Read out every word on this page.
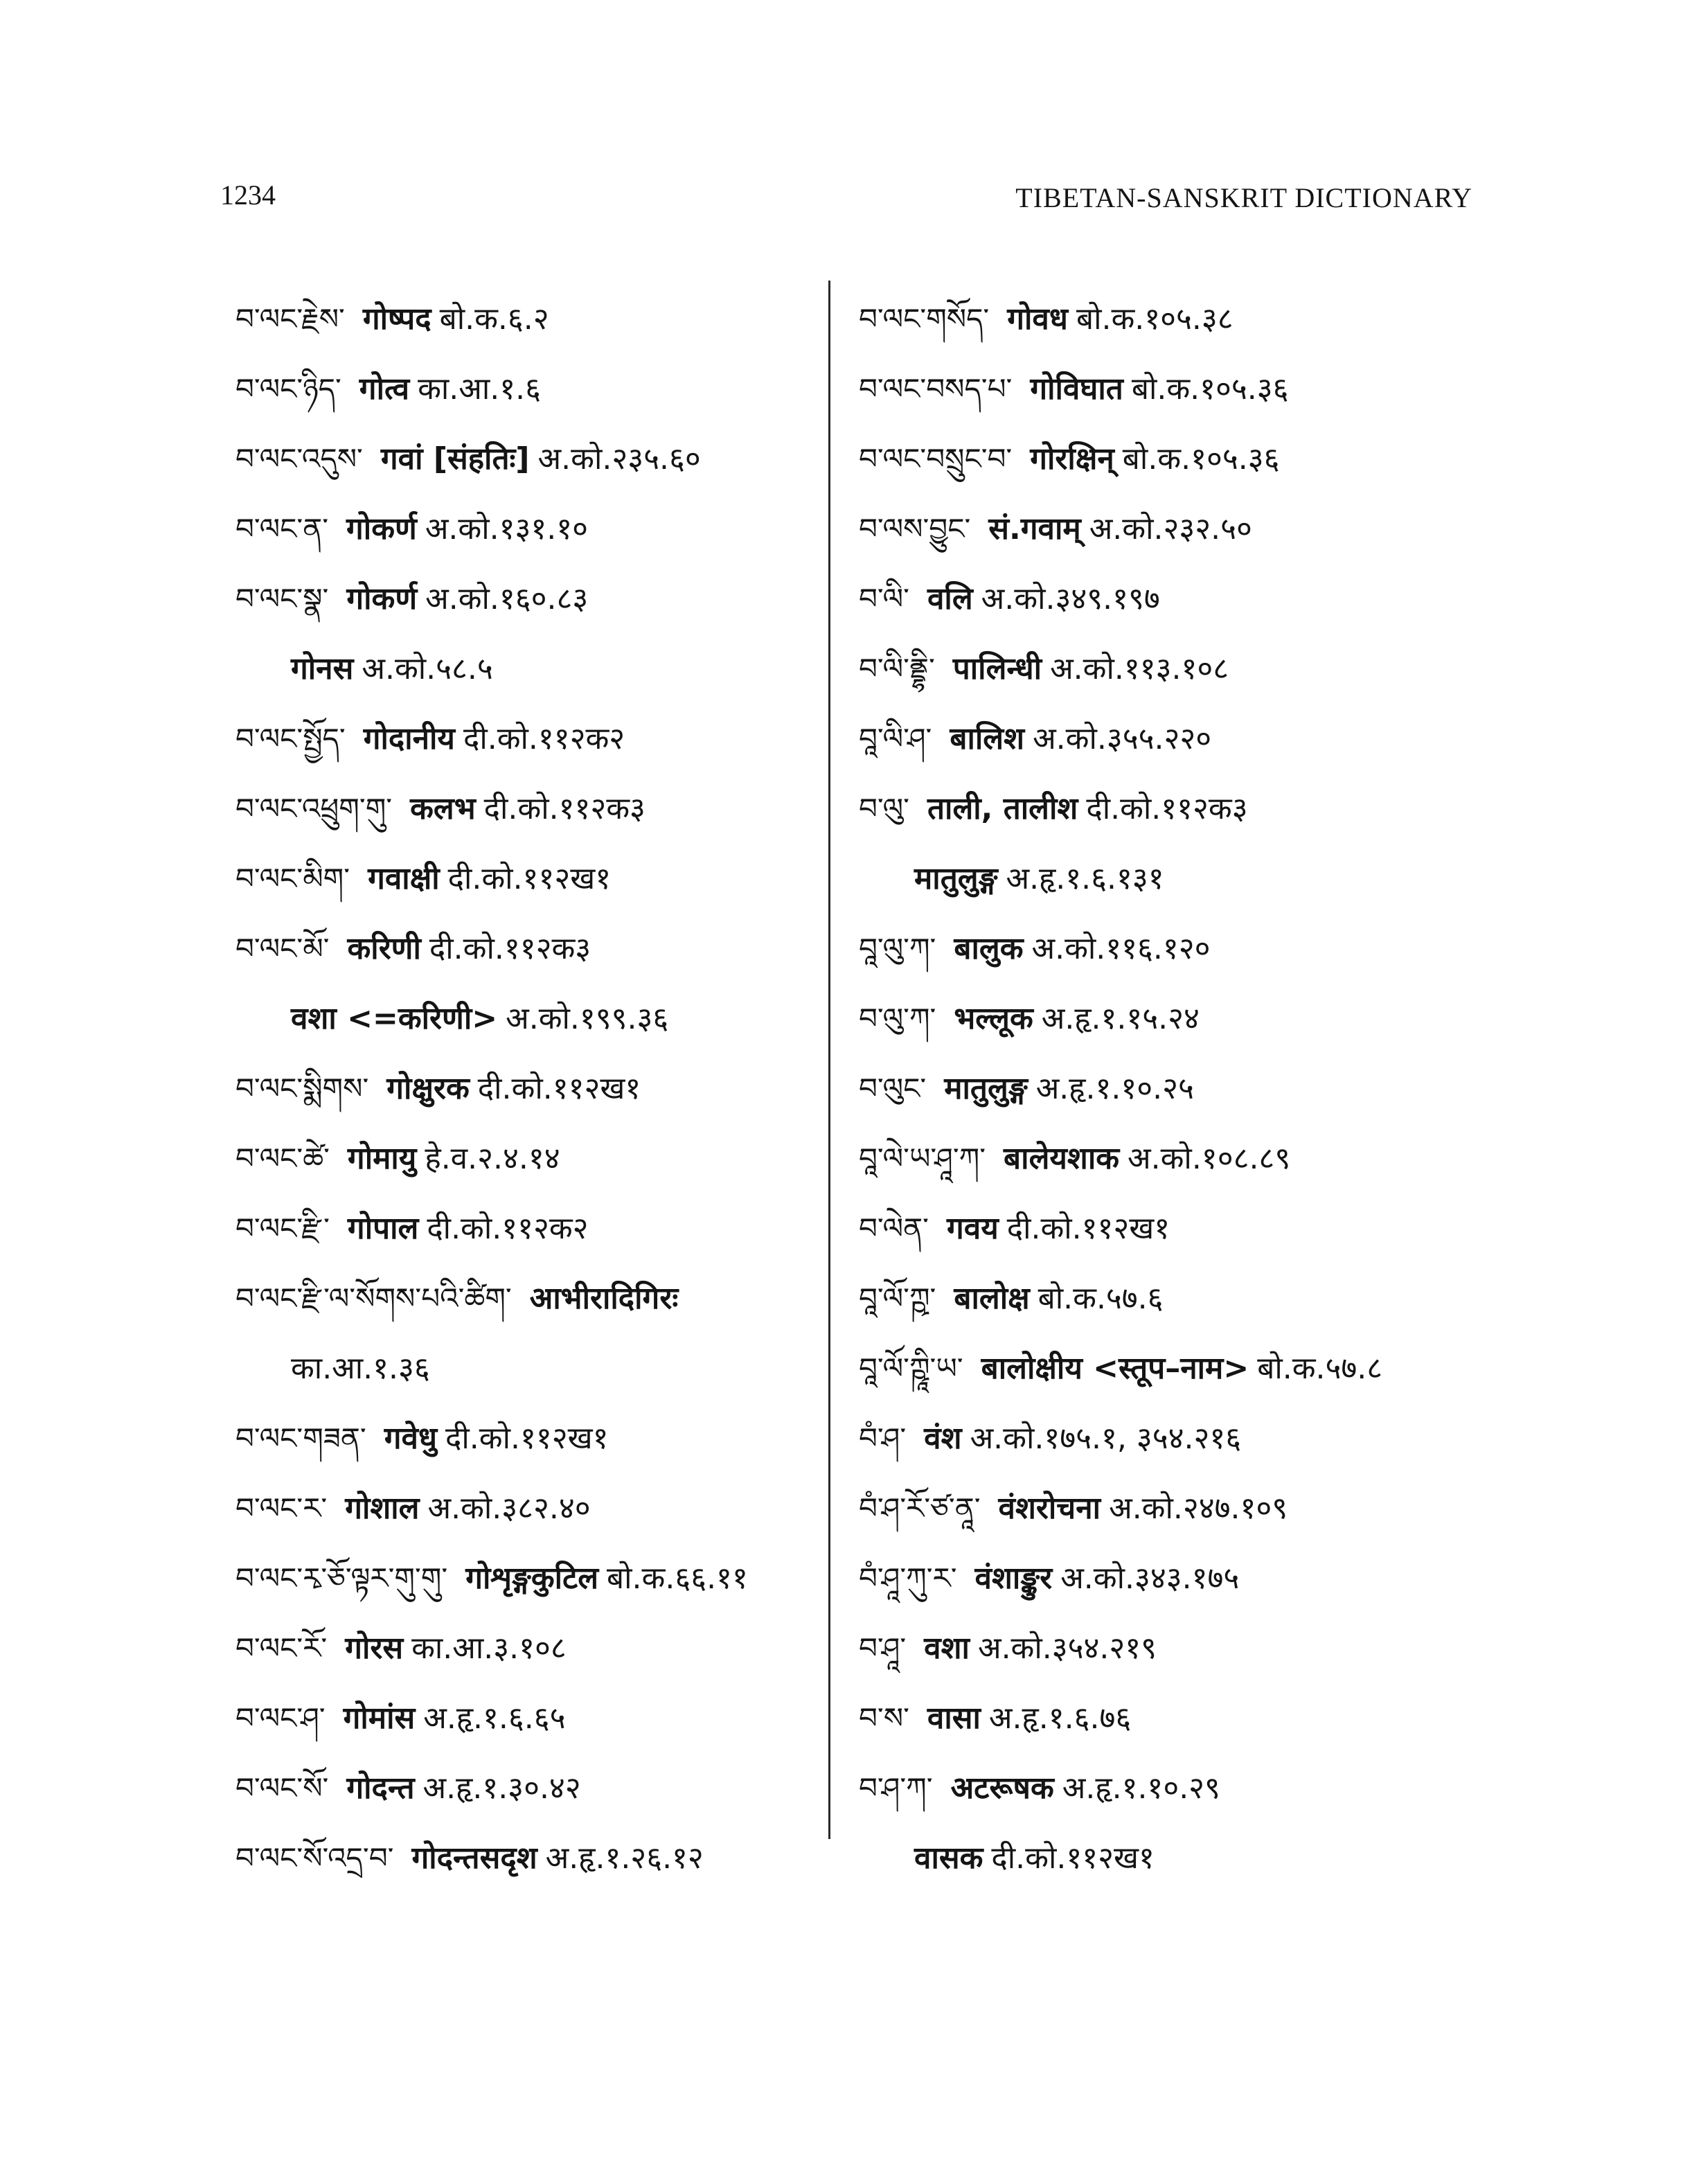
1234	TIBETAN-SANSKRIT DICTIONARY
བ་ལང་རྗེས་ गोष्पद बो.क.६.२
བ་ལང་ཉིད་ गोत्व का.आ.१.६
བ་ལང་འདུས་ गवां [संहतिः] अ.को.२३५.६०
བ་ལང་ན་ गोकर्ण अ.को.१३१.१०
བ་ལང་སྣ་ गोकर्ण अ.को.१६०.८३
गोनस अ.को.५८.५
བ་ལང་སྤྱོད་ गोदानीय दी.को.११२क२
བ་ལང་འཕྲུག་གུ་ कलभ दी.को.११२क३
བ་ལང་མིག་ गवाक्षी दी.को.११२ख१
བ་ལང་མོ་ करिणी दी.को.११२क३
वशा <=करिणी> अ.को.१९९.३६
བ་ལང་སྨིགས་ गोक्षुरक दी.को.११२ख१
བ་ལང་ཚེ་ गोमायु हे.व.२.४.१४
བ་ལང་རྫི་ गोपाल दी.को.११२क२
བ་ལང་རྫི་ལ་སོགས་པའི་ཚིག་ आभीरादिगिरः
का.आ.१.३६
བ་ལང་གཟན་ गवेधु दी.को.११२ख१
བ་ལང་ར་ गोशाल अ.को.३८२.४०
བ་ལང་རྭ་ཅོ་ལྟར་གུ་གུ་ गोशृङ्गकुटिल बो.क.६६.११
བ་ལང་རོ་ गोरस का.आ.३.१०८
བ་ལང་ཤ་ गोमांस अ.हृ.१.६.६५
བ་ལང་སོ་ गोदन्त अ.हृ.१.३०.४२
བ་ལང་སོ་འདྲ་བ་ गोदन्तसदृश अ.हृ.१.२६.१२
བ་ལང་གསོད་ गोवध बो.क.१०५.३८
བ་ལང་བསད་པ་ गोविघात बो.क.१०५.३६
བ་ལང་བསྲུང་བ་ गोरक्षिन् बो.क.१०५.३६
བ་ལས་བྱུང་ सं.गवाम् अ.को.२३२.५०
བ་ལི་ वलि अ.को.३४९.१९७
བ་ལི་ནྡྷི་ पालिन्धी अ.को.११३.१०८
བཱ་ལི་ཤ་ बालिश अ.को.३५५.२२०
བ་ལུ་ ताली, तालीश दी.को.११२क३
मातुलुङ्ग अ.हृ.१.६.१३१
བཱ་ལུ་ཀ་ बालुक अ.को.११६.१२०
བ་ལུ་ཀ་ भल्लूक अ.हृ.१.१५.२४
བ་ལུང་ मातुलुङ्ग अ.हृ.१.१०.२५
བཱ་ལེ་ཡ་ཤཱ་ཀ་ बालेयशाक अ.को.१०८.८९
བ་ལེན་ गवय दी.को.११२ख१
བཱ་ལོ་ཀྵ་ बालोक्ष बो.क.५७.६
བཱ་ལོ་ཀྵཱི་ཡ་ बालोक्षीय <स्तूप–नाम> बो.क.५७.८
བཾ་ཤ་ वंश अ.को.१७५.१, ३५४.२१६
བཾ་ཤ་རོ་ཙ་ནཱ་ वंशरोचना अ.को.२४७.१०९
བཾ་ཤཱ་ཀུ་ར་ वंशाङ्कुर अ.को.३४३.१७५
བ་ཤཱ་ वशा अ.को.३५४.२१९
བ་ས་ वासा अ.हृ.१.६.७६
བ་ཤ་ཀ་ अटरूषक अ.हृ.१.१०.२९
वासक दी.को.११२ख१
